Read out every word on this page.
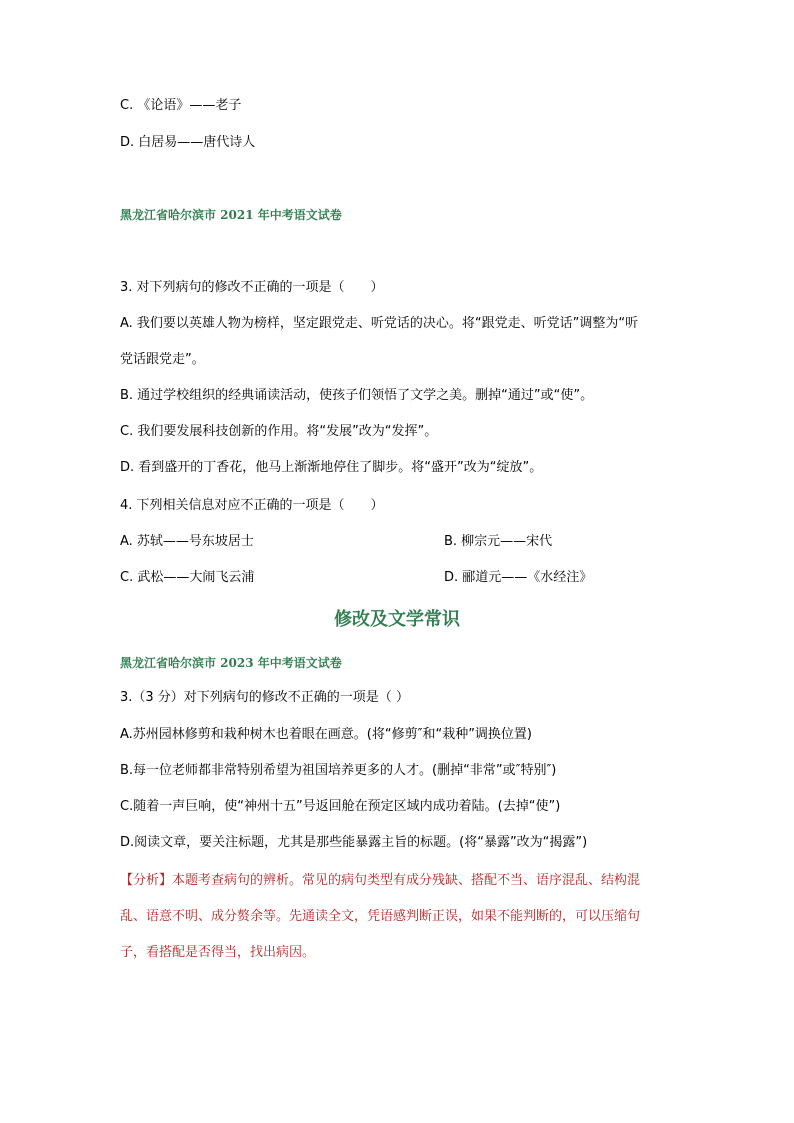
C. 《论语》——老子
D. 白居易——唐代诗人
黑龙江省哈尔滨市 2021 年中考语文试卷
3. 对下列病句的修改不正确的一项是（　　）
A. 我们要以英雄人物为榜样，坚定跟党走、听党话的决心。将“跟党走、听党话”调整为“听
党话跟党走”。
B. 通过学校组织的经典诵读活动，使孩子们领悟了文学之美。删掉“通过”或“使”。
C. 我们要发展科技创新的作用。将“发展”改为“发挥”。
D. 看到盛开的丁香花，他马上渐渐地停住了脚步。将“盛开”改为“绽放”。
4. 下列相关信息对应不正确的一项是（　　）
A. 苏轼——号东坡居士	B. 柳宗元——宋代
C. 武松——大闹飞云浦	D. 郦道元——《水经注》
修改及文学常识
黑龙江省哈尔滨市 2023 年中考语文试卷
3.（3 分）对下列病句的修改不正确的一项是（ ）
A.苏州园林修剪和栽种树木也着眼在画意。(将“修剪″和“栽种”调换位置)
B.每一位老师都非常特别希望为祖国培养更多的人才。(删掉“非常”或″特别″)
C.随着一声巨响，使“神州十五”号返回舱在预定区域内成功着陆。(去掉“使”)
D.阅读文章，要关注标题，尤其是那些能暴露主旨的标题。(将“暴露”改为“揭露”)
【分析】本题考查病句的辨析。常见的病句类型有成分残缺、搭配不当、语序混乱、结构混
乱、语意不明、成分赘余等。先通读全文，凭语感判断正误，如果不能判断的，可以压缩句
子，看搭配是否得当，找出病因。
